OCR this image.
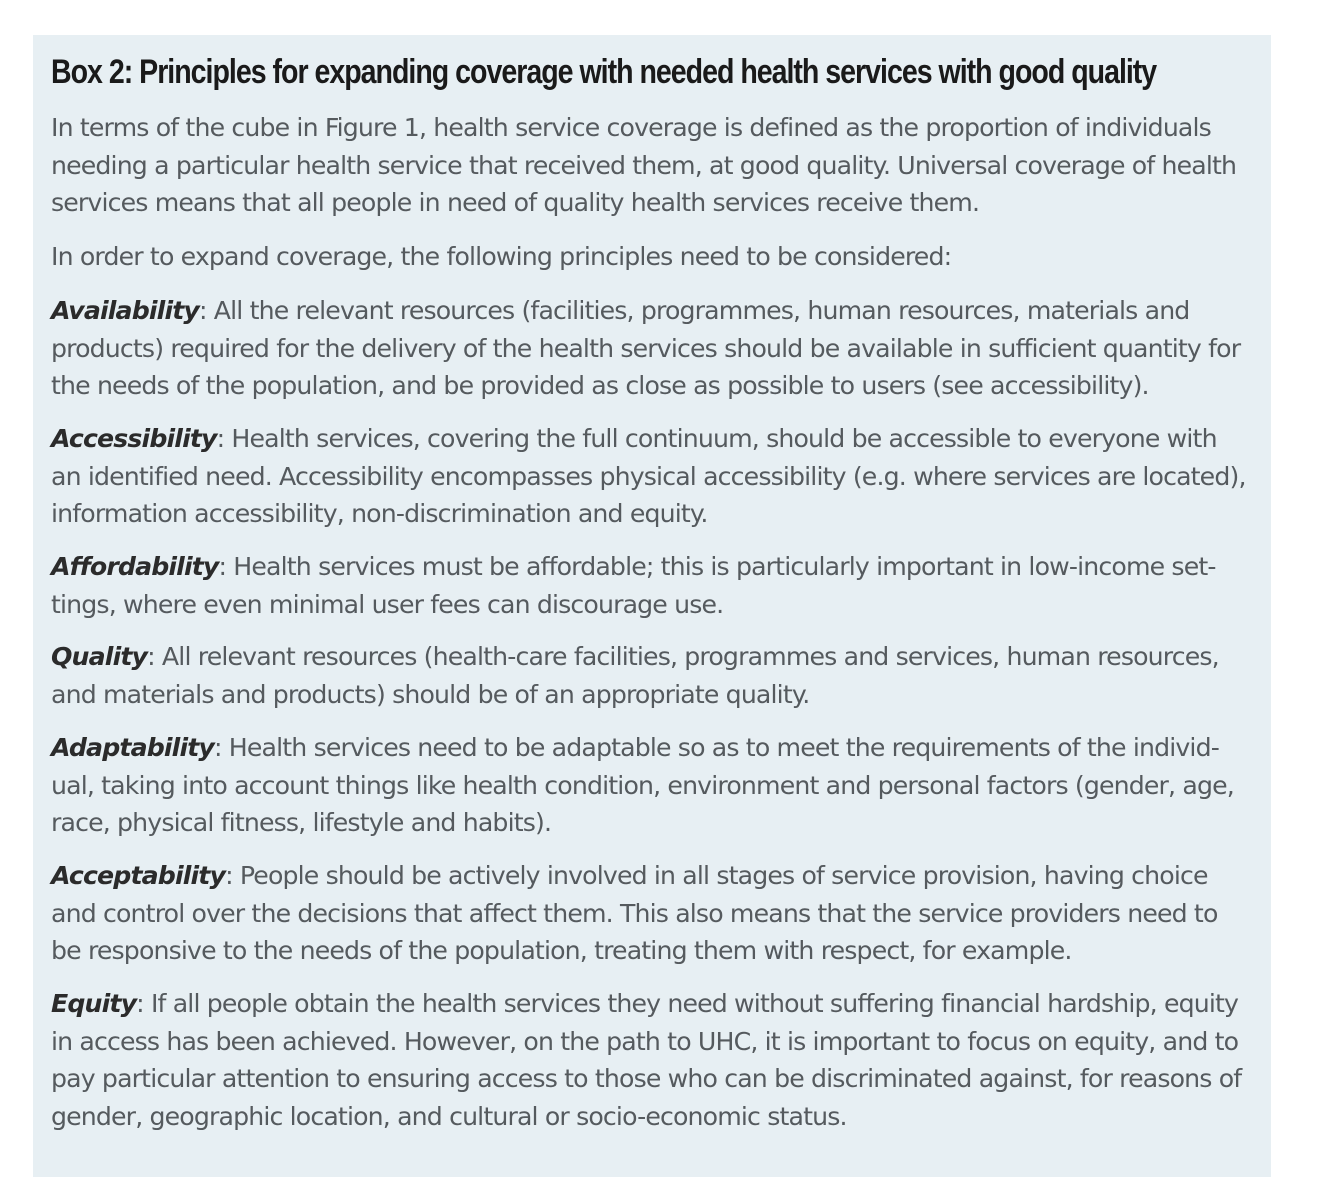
Box 2: Principles for expanding coverage with needed health services with good quality

In terms of the cube in Figure 1, health service coverage is defined as the proportion of individuals needing a particular health service that received them, at good quality. Universal coverage of health services means that all people in need of quality health services receive them.

In order to expand coverage, the following principles need to be considered:

Availability: All the relevant resources (facilities, programmes, human resources, materials and products) required for the delivery of the health services should be available in sufficient quantity for the needs of the population, and be provided as close as possible to users (see accessibility).

Accessibility: Health services, covering the full continuum, should be accessible to everyone with an identified need. Accessibility encompasses physical accessibility (e.g. where services are located), information accessibility, non-discrimination and equity.

Affordability: Health services must be affordable; this is particularly important in low-income set-tings, where even minimal user fees can discourage use.

Quality: All relevant resources (health-care facilities, programmes and services, human resources, and materials and products) should be of an appropriate quality.

Adaptability: Health services need to be adaptable so as to meet the requirements of the individ-ual, taking into account things like health condition, environment and personal factors (gender, age, race, physical fitness, lifestyle and habits).

Acceptability: People should be actively involved in all stages of service provision, having choice and control over the decisions that affect them. This also means that the service providers need to be responsive to the needs of the population, treating them with respect, for example.

Equity: If all people obtain the health services they need without suffering financial hardship, equity in access has been achieved. However, on the path to UHC, it is important to focus on equity, and to pay particular attention to ensuring access to those who can be discriminated against, for reasons of gender, geographic location, and cultural or socio-economic status.
